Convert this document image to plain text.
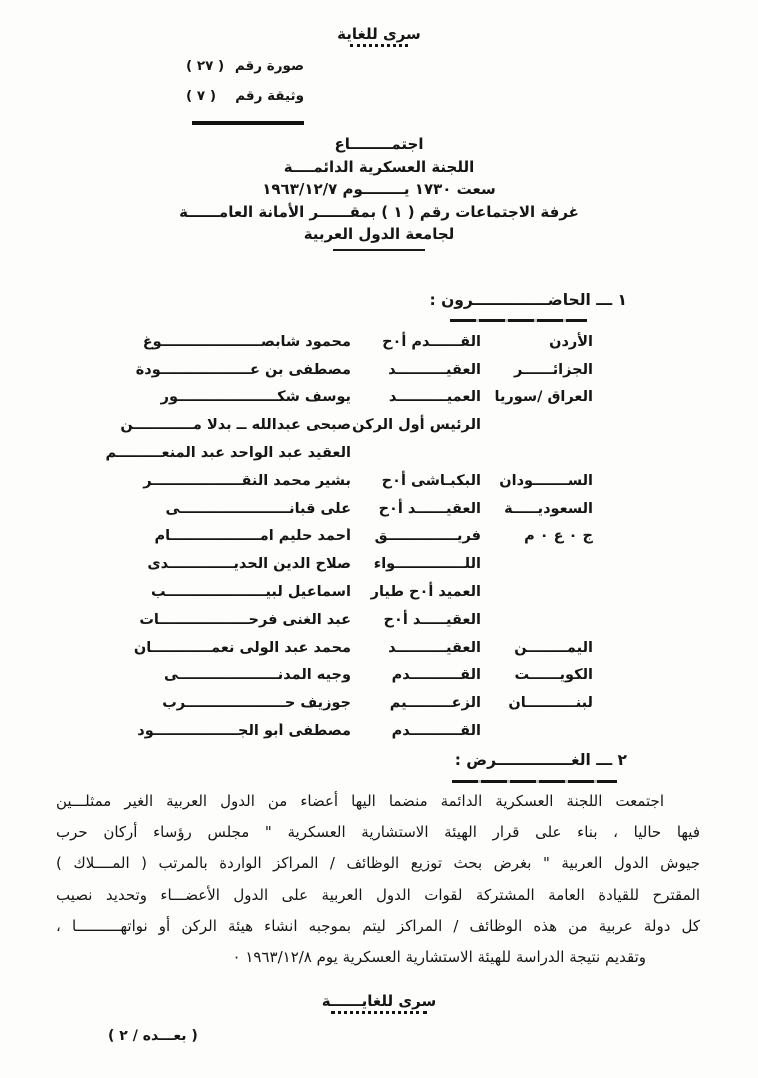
سرى للغاية
صورة رقم
( ٢٧ )
وثيقة رقم
( ٧ )
اجتمــــــــاع
اللجنة العسكرية الدائمــــة
سعت ١٧٣٠ يــــــــوم ١٩٦٣/١٢/٧
غرفة الاجتماعات رقم ( ١ ) بمقــــــر الأمانة العامــــــة
لجامعة الدول العربية
١ ـــ الحاضــــــــــــــرون :
الأردن
القــــــدم أ٠ح
محمود شابصــــــــــــــــــــوغ
الجزائــــــر
العقيــــــــــد
مصطفى بن عــــــــــــــــــودة
العراق /سوريا
العميــــــــــد
يوسف شكــــــــــــــــــــور
الرئيس أول الركن
صبحى عبدالله ــ بدلا مــــــــــــن
العقيد عبد الواحد عبد المنعـــــــــم
الســـــــودان
البكبـاشى أ٠ح
بشير محمد النقــــــــــــــــــر
السعوديـــــة
العقيــــــد أ٠ح
على قبانــــــــــــــــــــــى
ج ٠ ع ٠ م
فريــــــــــــــق
أحمد حليم امــــــــــــــــــام
اللــــــــــــــواء
صلاح الدين الحديـــــــــــــدى
العميد أ٠ح طيار
اسماعيل لبيــــــــــــــــــــب
العقيـــــد أ٠ح
عبد الغنى فرحــــــــــــــــــات
اليمــــــــن
العقيــــــــــد
محمد عبد الولى نعمــــــــــــان
الكويــــــت
القــــــــــدم
وجيه المدنــــــــــــــــــــى
لبنــــــــــان
الزعـــــــــيم
جوزيف حــــــــــــــــــــرب
القــــــــــدم
مصطفى أبو الجـــــــــــــــــود
٢ ـــ الغــــــــــــــرض :
اجتمعت اللجنة العسكرية الدائمة منضما اليها أعضاء من الدول العربية الغير ممثلـــين
فيها حاليا ، بناء على قرار الهيئة الاستشارية العسكرية " مجلس رؤساء أركان حرب
جيوش الدول العربية " بغرض بحث توزيع الوظائف / المراكز الواردة بالمرتب ( المــــلاك )
المقترح للقيادة العامة المشتركة لقوات الدول العربية على الدول الأعضـــاء وتحديد نصيب
كل دولة عربية من هذه الوظائف / المراكز ليتم بموجبه انشاء هيئة الركن أو نواتهــــــــــا ،
وتقديم نتيجة الدراسة للهيئة الاستشارية العسكرية يوم ١٩٦٣/١٢/٨ ٠
سرى للغايــــــة
( بعـــده / ٢ )
